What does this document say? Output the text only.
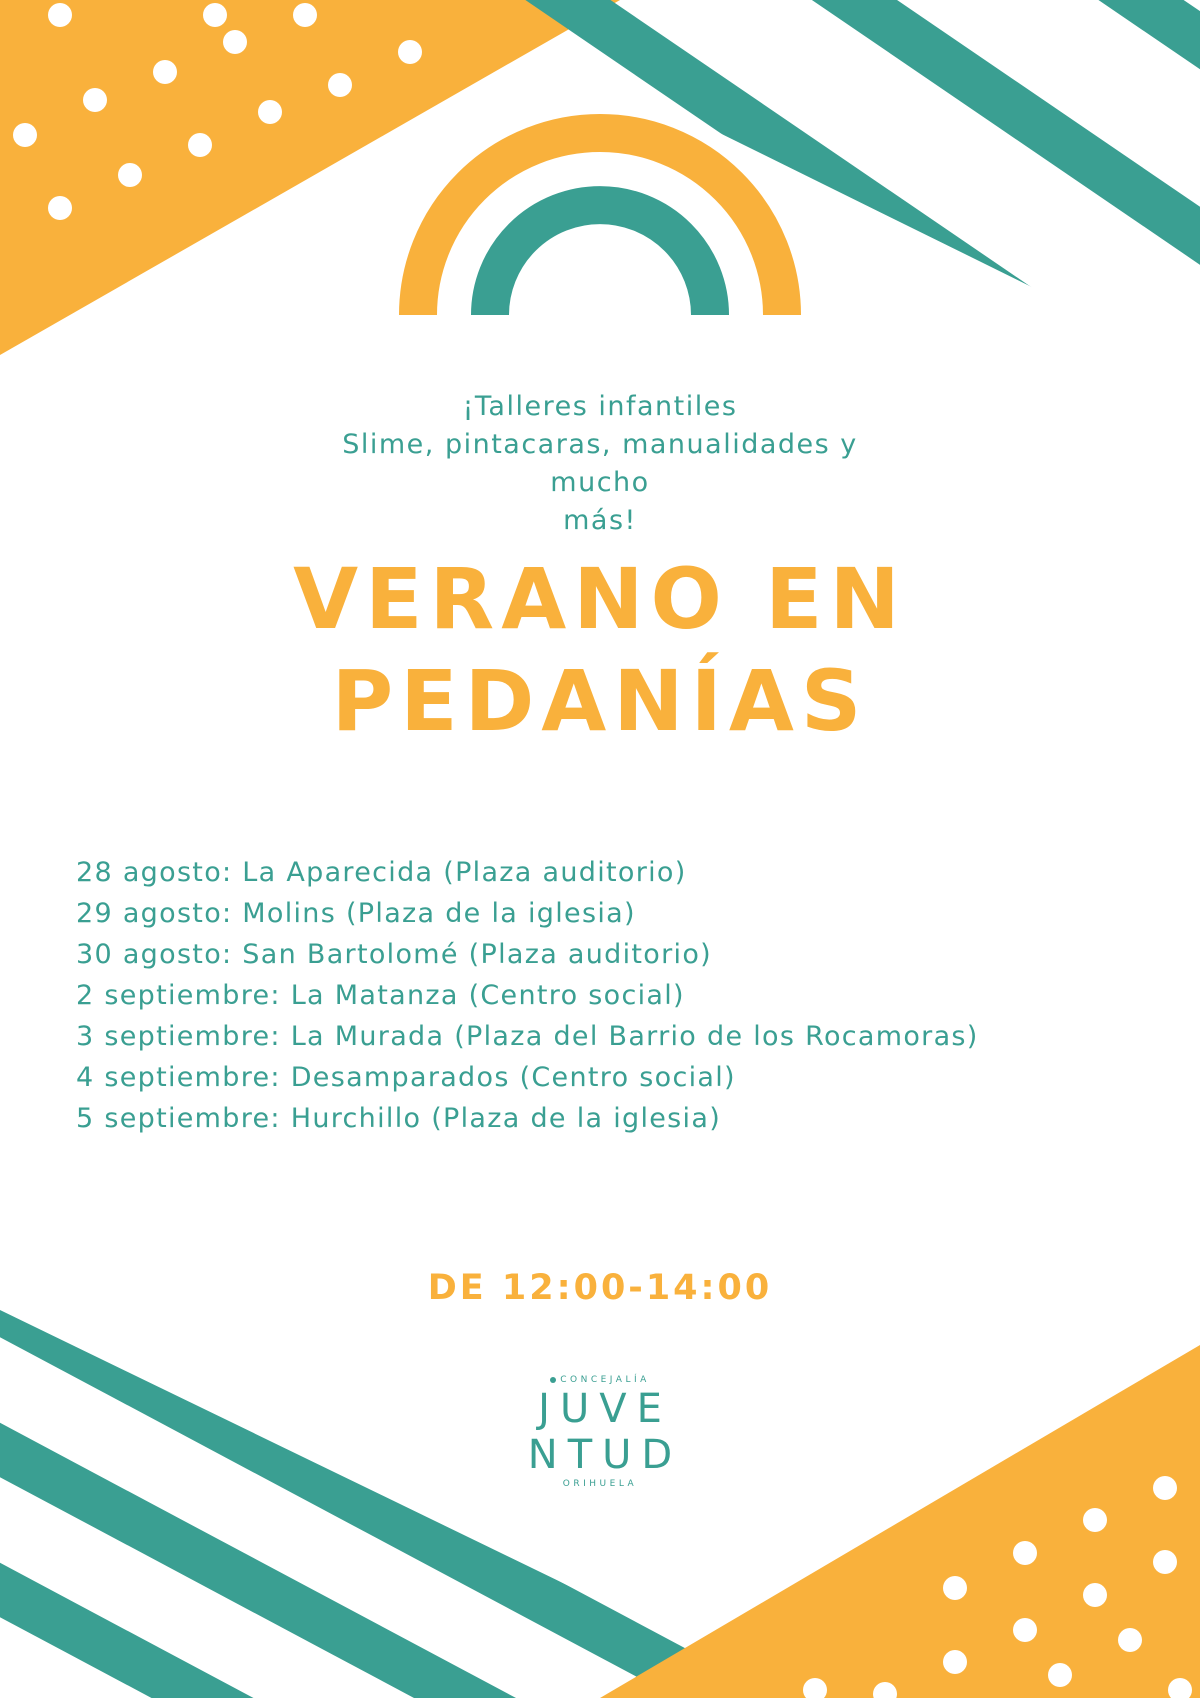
¡Talleres infantiles
Slime, pintacaras, manualidades y mucho
más!
VERANO EN
PEDANÍAS
28 agosto: La Aparecida (Plaza auditorio)
29 agosto: Molins (Plaza de la iglesia)
30 agosto: San Bartolomé (Plaza auditorio)
2 septiembre: La Matanza (Centro social)
3 septiembre: La Murada (Plaza del Barrio de los Rocamoras)
4 septiembre: Desamparados (Centro social)
5 septiembre: Hurchillo (Plaza de la iglesia)
DE 12:00-14:00
CONCEJALÍA
JUVE
NTUD
ORIHUELA
